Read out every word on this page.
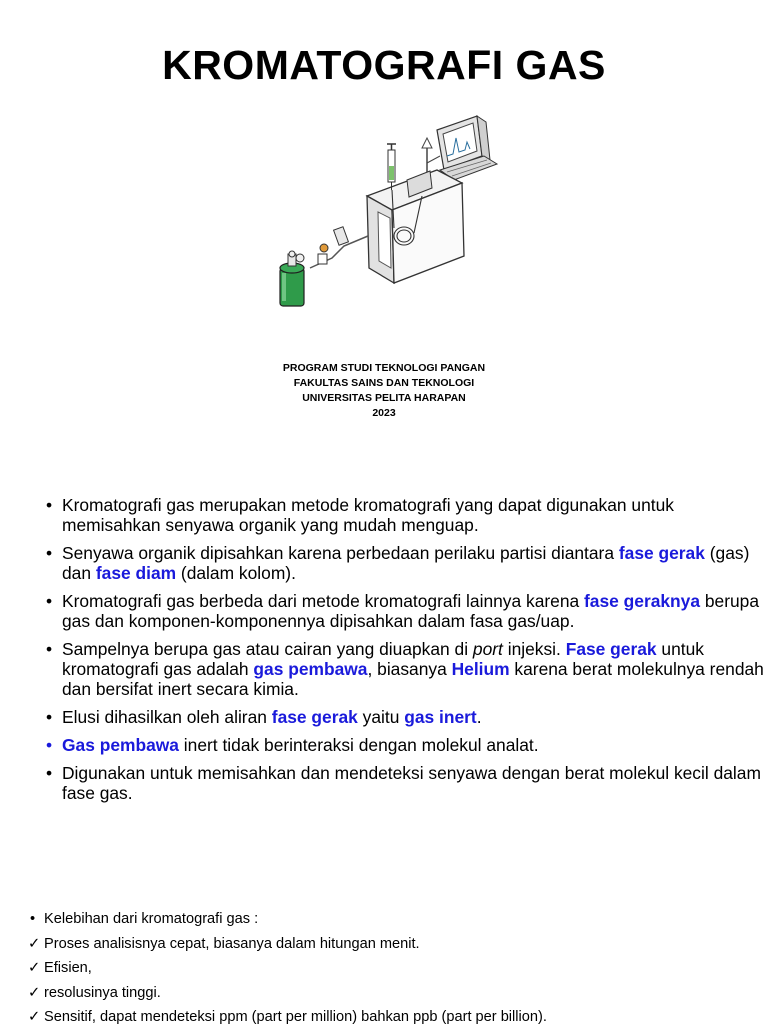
KROMATOGRAFI GAS
PROGRAM STUDI TEKNOLOGI PANGAN
FAKULTAS SAINS DAN TEKNOLOGI
UNIVERSITAS PELITA HARAPAN
2023
• Kromatografi gas merupakan metode kromatografi yang dapat digunakan untuk memisahkan senyawa organik yang mudah menguap.
• Senyawa organik dipisahkan karena perbedaan perilaku partisi diantara fase gerak (gas) dan fase diam (dalam kolom).
• Kromatografi gas berbeda dari metode kromatografi lainnya karena fase geraknya berupa gas dan komponen-komponennya dipisahkan dalam fasa gas/uap.
• Sampelnya berupa gas atau cairan yang diuapkan di port injeksi. Fase gerak untuk kromatografi gas adalah gas pembawa, biasanya Helium karena berat molekulnya rendah dan bersifat inert secara kimia.
• Elusi dihasilkan oleh aliran fase gerak yaitu gas inert.
• Gas pembawa inert tidak berinteraksi dengan molekul analat.
• Digunakan untuk memisahkan dan mendeteksi senyawa dengan berat molekul kecil dalam fase gas.
• Kelebihan dari kromatografi gas :
✓ Proses analisisnya cepat, biasanya dalam hitungan menit.
✓ Efisien,
✓ resolusinya tinggi.
✓ Sensitif, dapat mendeteksi ppm (part per million) bahkan ppb (part per billion).
